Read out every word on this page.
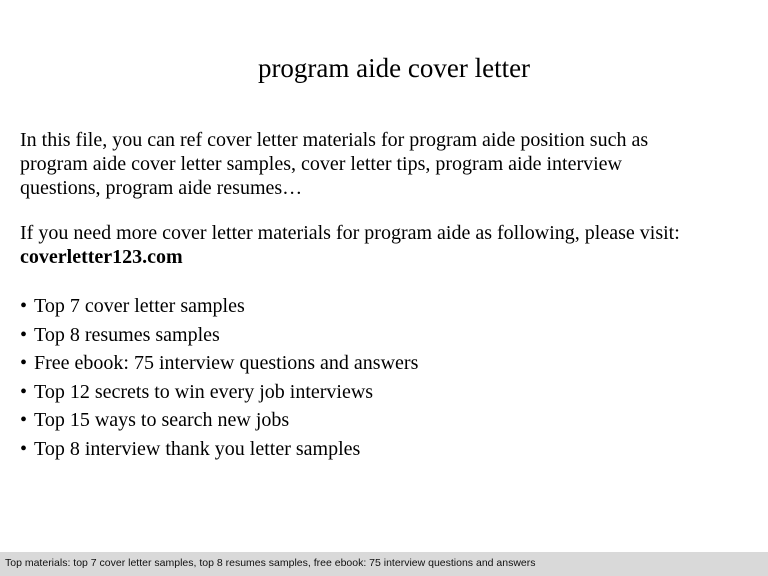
program aide cover letter
In this file, you can ref cover letter materials for program aide position such as
program aide cover letter samples, cover letter tips, program aide interview
questions, program aide resumes…
If you need more cover letter materials for program aide as following, please visit:
coverletter123.com
• Top 7 cover letter samples
• Top 8 resumes samples
• Free ebook: 75 interview questions and answers
• Top 12 secrets to win every job interviews
• Top 15 ways to search new jobs
• Top 8 interview thank you letter samples
Top materials: top 7 cover letter samples, top 8 resumes samples, free ebook: 75 interview questions and answers
